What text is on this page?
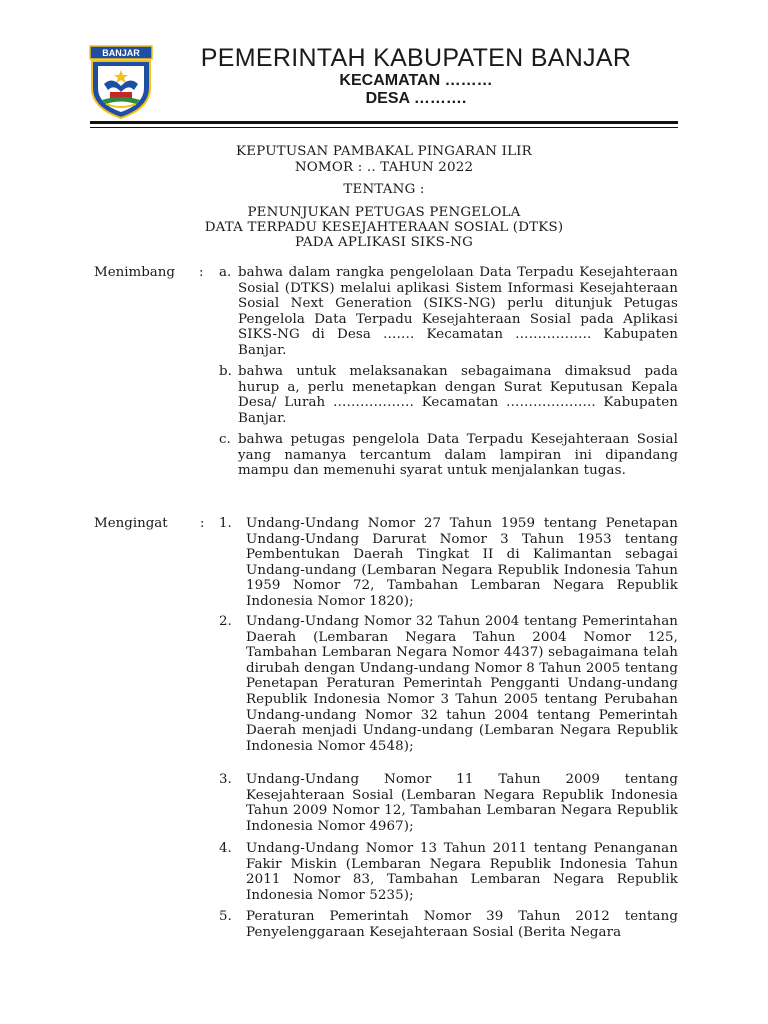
BANJAR	PEMERINTAH KABUPATEN BANJAR
KECAMATAN ………
DESA ……….
KEPUTUSAN PAMBAKAL PINGARAN ILIR
NOMOR : .. TAHUN 2022
TENTANG :
PENUNJUKAN PETUGAS PENGELOLA
DATA TERPADU KESEJAHTERAAN SOSIAL (DTKS)
PADA APLIKASI SIKS-NG
Menimbang : a. bahwa dalam rangka pengelolaan Data Terpadu Kesejahteraan Sosial (DTKS) melalui aplikasi Sistem Informasi Kesejahteraan Sosial Next Generation (SIKS-NG) perlu ditunjuk Petugas Pengelola Data Terpadu Kesejahteraan Sosial pada Aplikasi SIKS-NG di Desa ……. Kecamatan …………….. Kabupaten Banjar.
b. bahwa untuk melaksanakan sebagaimana dimaksud pada hurup a, perlu menetapkan dengan Surat Keputusan Kepala Desa/ Lurah ……………… Kecamatan ……………….. Kabupaten Banjar.
c. bahwa petugas pengelola Data Terpadu Kesejahteraan Sosial yang namanya tercantum dalam lampiran ini dipandang mampu dan memenuhi syarat untuk menjalankan tugas.
Mengingat : 1. Undang-Undang Nomor 27 Tahun 1959 tentang Penetapan Undang-Undang Darurat Nomor 3 Tahun 1953 tentang Pembentukan Daerah Tingkat II di Kalimantan sebagai Undang-undang (Lembaran Negara Republik Indonesia Tahun 1959 Nomor 72, Tambahan Lembaran Negara Republik Indonesia Nomor 1820);
2. Undang-Undang Nomor 32 Tahun 2004 tentang Pemerintahan Daerah (Lembaran Negara Tahun 2004 Nomor 125, Tambahan Lembaran Negara Nomor 4437) sebagaimana telah dirubah dengan Undang-undang Nomor 8 Tahun 2005 tentang Penetapan Peraturan Pemerintah Pengganti Undang-undang Republik Indonesia Nomor 3 Tahun 2005 tentang Perubahan Undang-undang Nomor 32 tahun 2004 tentang Pemerintah Daerah menjadi Undang-undang (Lembaran Negara Republik Indonesia Nomor 4548);
3. Undang-Undang Nomor 11 Tahun 2009 tentang Kesejahteraan Sosial (Lembaran Negara Republik Indonesia Tahun 2009 Nomor 12, Tambahan Lembaran Negara Republik Indonesia Nomor 4967);
4. Undang-Undang Nomor 13 Tahun 2011 tentang Penanganan Fakir Miskin (Lembaran Negara Republik Indonesia Tahun 2011 Nomor 83, Tambahan Lembaran Negara Republik Indonesia Nomor 5235);
5. Peraturan Pemerintah Nomor 39 Tahun 2012 tentang Penyelenggaraan Kesejahteraan Sosial (Berita Negara
